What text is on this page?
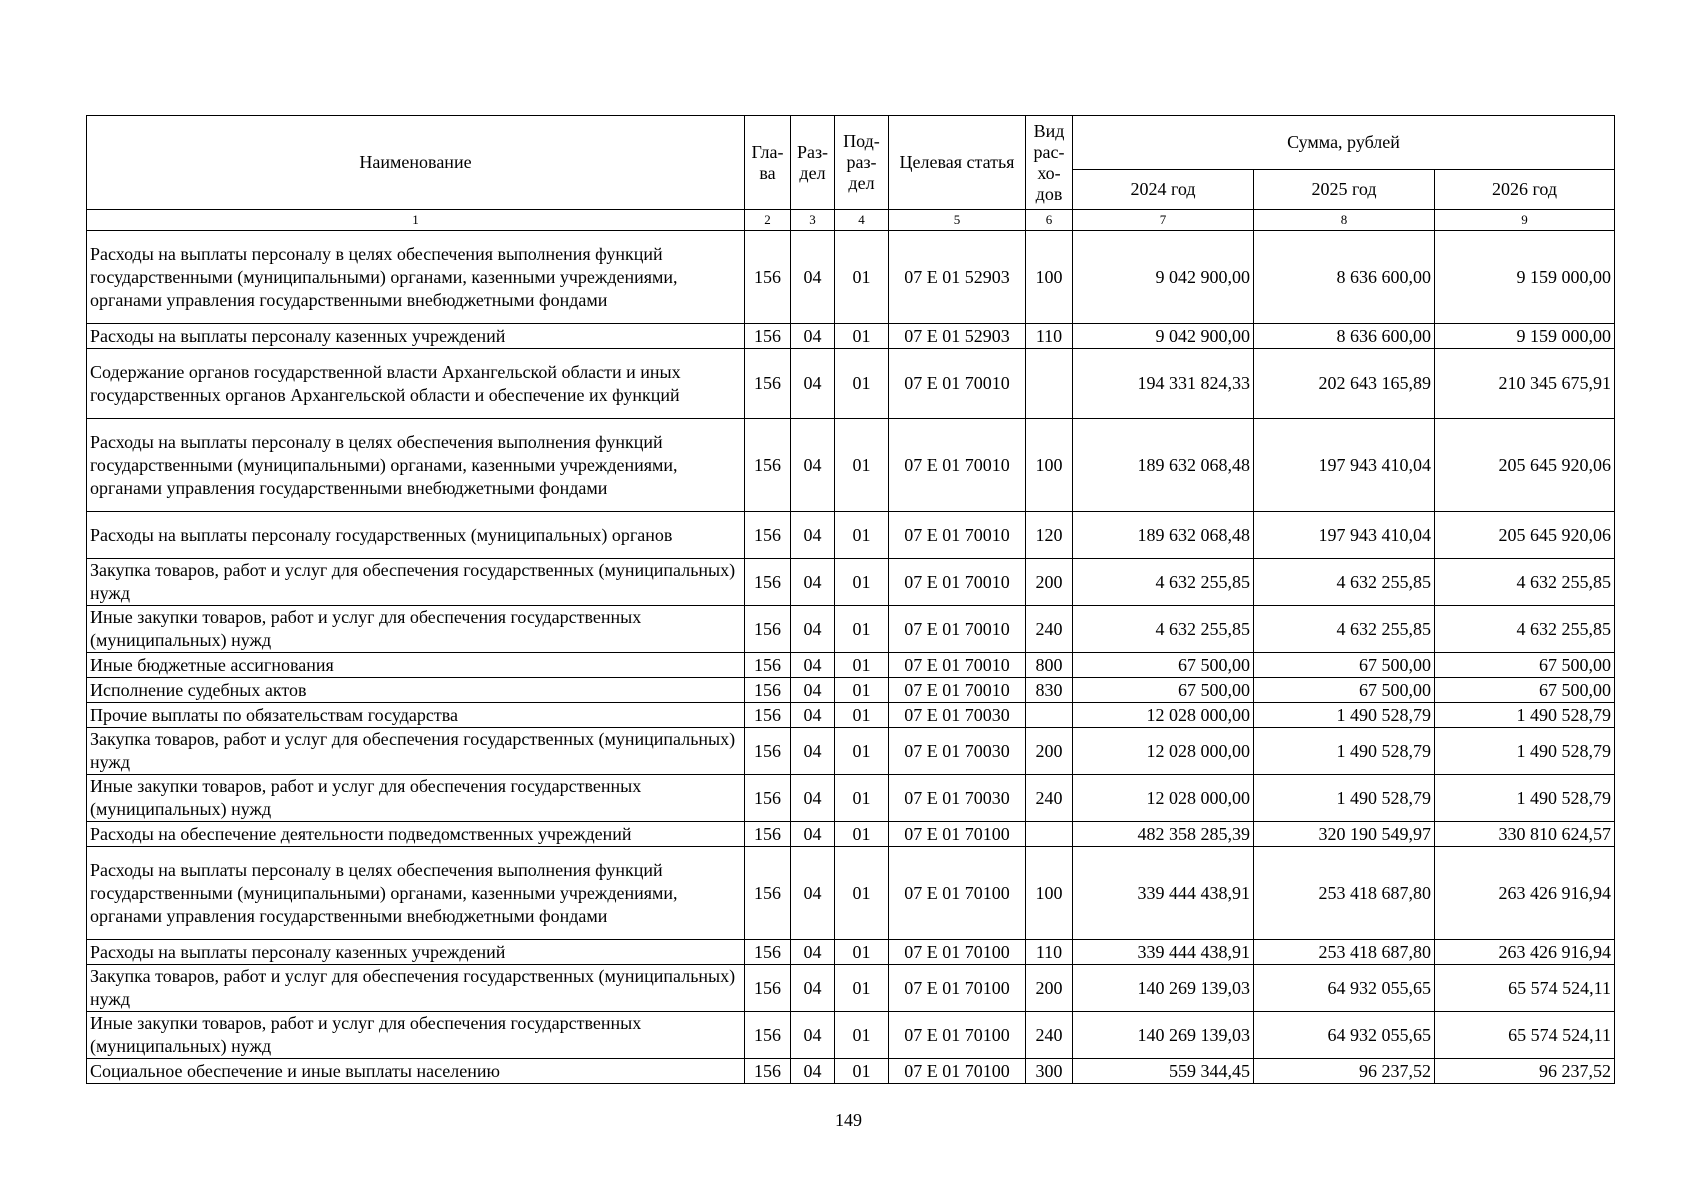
Наименование	Гла-ва	Раз-дел	Под-раз-дел	Целевая статья	Вид рас-хо-дов	Сумма, рублей		
						2024 год	2025 год	2026 год
1	2	3	4	5	6	7	8	9
Расходы на выплаты персоналу в целях обеспечения выполнения функций государственными (муниципальными) органами, казенными учреждениями, органами управления государственными внебюджетными фондами	156	04	01	07 Е 01 52903	100	9 042 900,00	8 636 600,00	9 159 000,00
Расходы на выплаты персоналу казенных учреждений	156	04	01	07 Е 01 52903	110	9 042 900,00	8 636 600,00	9 159 000,00
Содержание органов государственной власти Архангельской области и иных государственных органов Архангельской области и обеспечение их функций	156	04	01	07 Е 01 70010		194 331 824,33	202 643 165,89	210 345 675,91
Расходы на выплаты персоналу в целях обеспечения выполнения функций государственными (муниципальными) органами, казенными учреждениями, органами управления государственными внебюджетными фондами	156	04	01	07 Е 01 70010	100	189 632 068,48	197 943 410,04	205 645 920,06
Расходы на выплаты персоналу государственных (муниципальных) органов	156	04	01	07 Е 01 70010	120	189 632 068,48	197 943 410,04	205 645 920,06
Закупка товаров, работ и услуг для обеспечения государственных (муниципальных) нужд	156	04	01	07 Е 01 70010	200	4 632 255,85	4 632 255,85	4 632 255,85
Иные закупки товаров, работ и услуг для обеспечения государственных (муниципальных) нужд	156	04	01	07 Е 01 70010	240	4 632 255,85	4 632 255,85	4 632 255,85
Иные бюджетные ассигнования	156	04	01	07 Е 01 70010	800	67 500,00	67 500,00	67 500,00
Исполнение судебных актов	156	04	01	07 Е 01 70010	830	67 500,00	67 500,00	67 500,00
Прочие выплаты по обязательствам государства	156	04	01	07 Е 01 70030		12 028 000,00	1 490 528,79	1 490 528,79
Закупка товаров, работ и услуг для обеспечения государственных (муниципальных) нужд	156	04	01	07 Е 01 70030	200	12 028 000,00	1 490 528,79	1 490 528,79
Иные закупки товаров, работ и услуг для обеспечения государственных (муниципальных) нужд	156	04	01	07 Е 01 70030	240	12 028 000,00	1 490 528,79	1 490 528,79
Расходы на обеспечение деятельности подведомственных учреждений	156	04	01	07 Е 01 70100		482 358 285,39	320 190 549,97	330 810 624,57
Расходы на выплаты персоналу в целях обеспечения выполнения функций государственными (муниципальными) органами, казенными учреждениями, органами управления государственными внебюджетными фондами	156	04	01	07 Е 01 70100	100	339 444 438,91	253 418 687,80	263 426 916,94
Расходы на выплаты персоналу казенных учреждений	156	04	01	07 Е 01 70100	110	339 444 438,91	253 418 687,80	263 426 916,94
Закупка товаров, работ и услуг для обеспечения государственных (муниципальных) нужд	156	04	01	07 Е 01 70100	200	140 269 139,03	64 932 055,65	65 574 524,11
Иные закупки товаров, работ и услуг для обеспечения государственных (муниципальных) нужд	156	04	01	07 Е 01 70100	240	140 269 139,03	64 932 055,65	65 574 524,11
Социальное обеспечение и иные выплаты населению	156	04	01	07 Е 01 70100	300	559 344,45	96 237,52	96 237,52
149
